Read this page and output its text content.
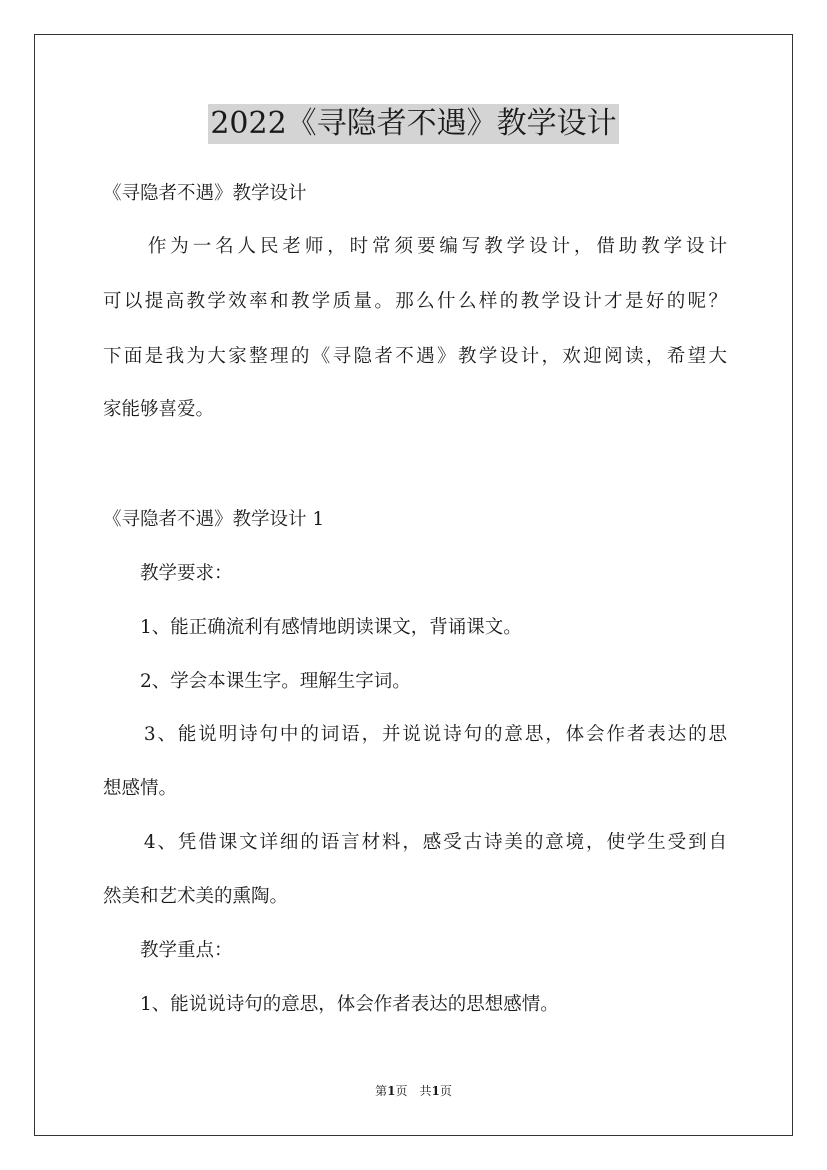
2022《寻隐者不遇》教学设计
《寻隐者不遇》教学设计
　　作为一名人民老师，时常须要编写教学设计，借助教学设计
可以提高教学效率和教学质量。那么什么样的教学设计才是好的呢？
下面是我为大家整理的《寻隐者不遇》教学设计，欢迎阅读，希望大
家能够喜爱。
《寻隐者不遇》教学设计 1
　　教学要求：
　　1、能正确流利有感情地朗读课文，背诵课文。
　　2、学会本课生字。理解生字词。
　　3、能说明诗句中的词语，并说说诗句的意思，体会作者表达的思
想感情。
　　4、凭借课文详细的语言材料，感受古诗美的意境，使学生受到自
然美和艺术美的熏陶。
　　教学重点：
　　1、能说说诗句的意思，体会作者表达的思想感情。
第1页　共1页
